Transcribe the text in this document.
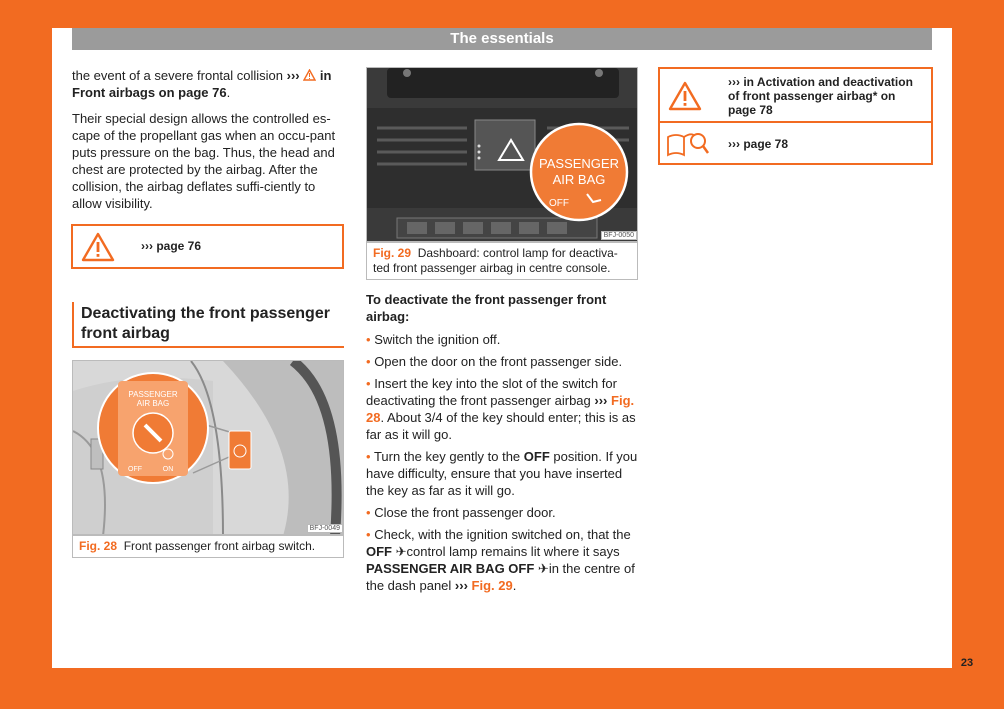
The essentials
23

the event of a severe frontal collision ››› in Front airbags on page 76.

Their special design allows the controlled es-cape of the propellant gas when an occu-pant puts pressure on the bag. Thus, the head and chest are protected by the airbag. After the collision, the airbag deflates suffi-ciently to allow visibility.

››› page 76
Deactivating the front passenger front airbag
PASSENGER
AIR BAG
OFF	ON
BFJ-0049
Fig. 28 Front passenger front airbag switch.
PASSENGER
AIR BAG
OFF
BFJ-0050
Fig. 29 Dashboard: control lamp for deactiva-ted front passenger airbag in centre console.

To deactivate the front passenger front airbag:

• Switch the ignition off.
• Open the door on the front passenger side.
• Insert the key into the slot of the switch for deactivating the front passenger airbag ››› Fig. 28. About 3/4 of the key should enter; this is as far as it will go.
• Turn the key gently to the OFF position. If you have difficulty, ensure that you have inserted the key as far as it will go.
• Close the front passenger door.
• Check, with the ignition switched on, that the OFF ✈control lamp remains lit where it says PASSENGER AIR BAG OFF ✈in the centre of the dash panel ››› Fig. 29.
››› in Activation and deactivation of front passenger airbag* on page 78
››› page 78
